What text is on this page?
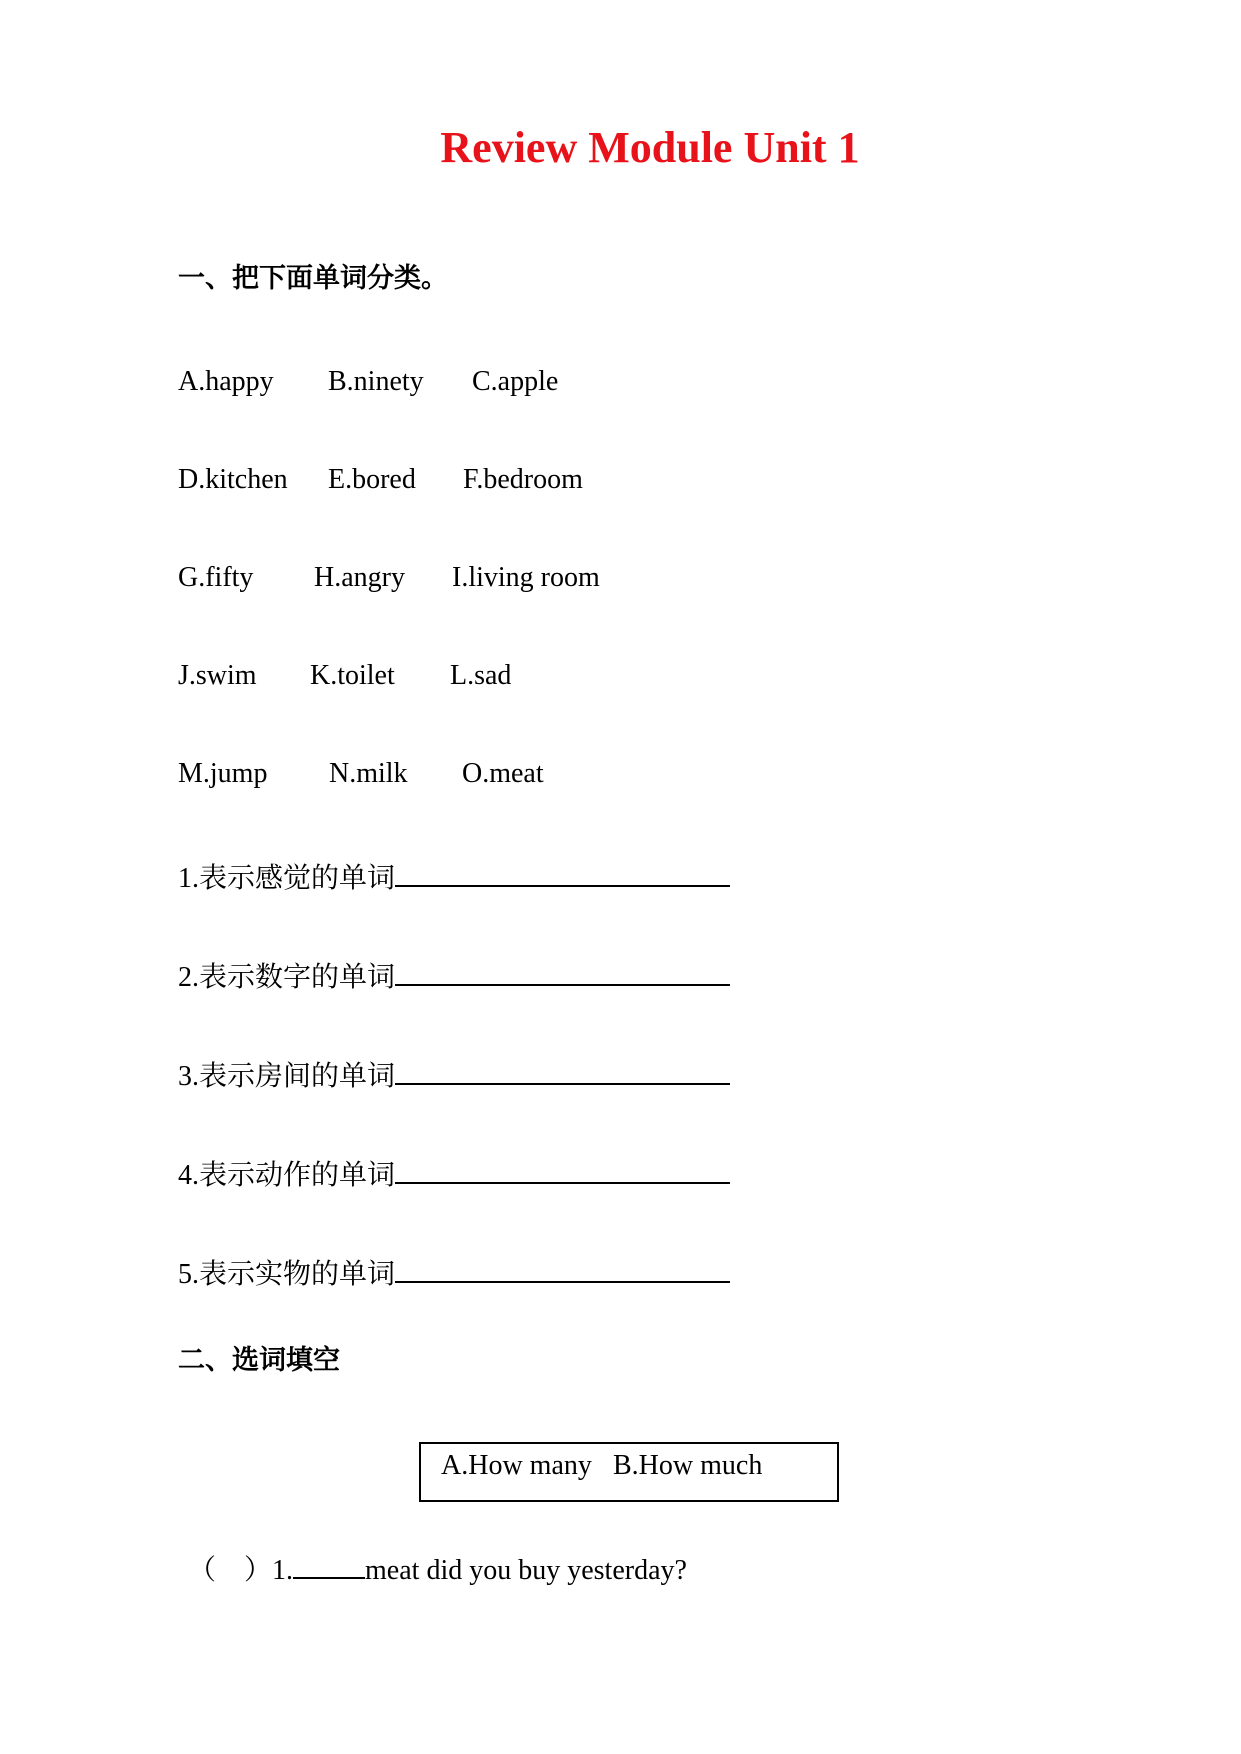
Review Module Unit 1
一、把下面单词分类。
A.happy B.ninety C.apple
D.kitchen E.bored F.bedroom
G.fifty H.angry I.living room
J.swim K.toilet L.sad
M.jump N.milk O.meat
1.表示感觉的单词
2.表示数字的单词
3.表示房间的单词
4.表示动作的单词
5.表示实物的单词
二、选词填空
A.How many B.How much
（ ）1.	meat did you buy yesterday?
